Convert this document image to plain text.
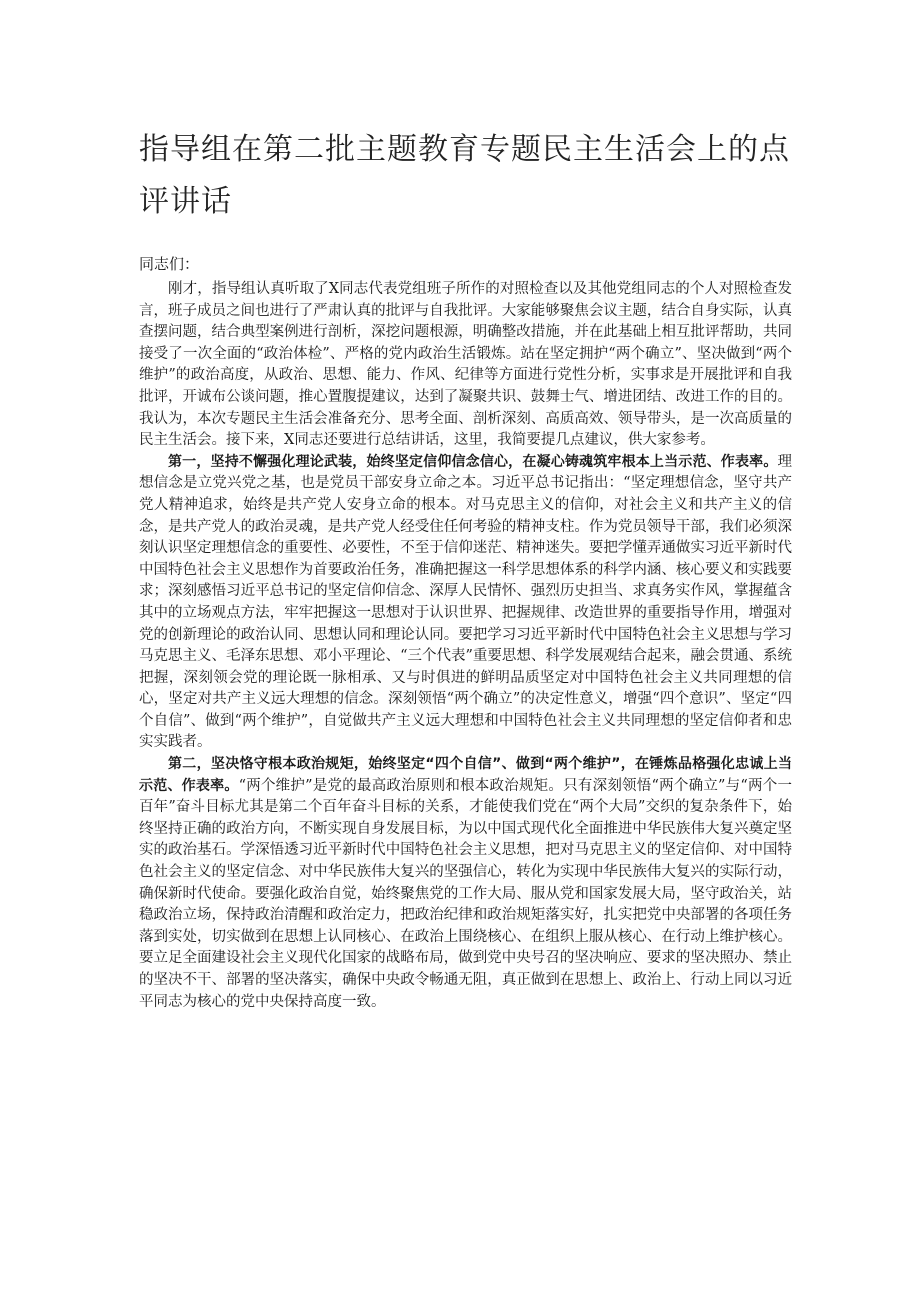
指导组在第二批主题教育专题民主生活会上的点评讲话

同志们：

刚才，指导组认真听取了X同志代表党组班子所作的对照检查以及其他党组同志的个人对照检查发言，班子成员之间也进行了严肃认真的批评与自我批评。大家能够聚焦会议主题，结合自身实际，认真查摆问题，结合典型案例进行剖析，深挖问题根源，明确整改措施，并在此基础上相互批评帮助，共同接受了一次全面的“政治体检”、严格的党内政治生活锻炼。站在坚定拥护“两个确立”、坚决做到“两个维护”的政治高度，从政治、思想、能力、作风、纪律等方面进行党性分析，实事求是开展批评和自我批评，开诚布公谈问题，推心置腹提建议，达到了凝聚共识、鼓舞士气、增进团结、改进工作的目的。我认为，本次专题民主生活会准备充分、思考全面、剖析深刻、高质高效、领导带头，是一次高质量的民主生活会。接下来，X同志还要进行总结讲话，这里，我简要提几点建议，供大家参考。

第一，坚持不懈强化理论武装，始终坚定信仰信念信心，在凝心铸魂筑牢根本上当示范、作表率。理想信念是立党兴党之基，也是党员干部安身立命之本。习近平总书记指出：“坚定理想信念，坚守共产党人精神追求，始终是共产党人安身立命的根本。对马克思主义的信仰，对社会主义和共产主义的信念，是共产党人的政治灵魂，是共产党人经受住任何考验的精神支柱。作为党员领导干部，我们必须深刻认识坚定理想信念的重要性、必要性，不至于信仰迷茫、精神迷失。要把学懂弄通做实习近平新时代中国特色社会主义思想作为首要政治任务，准确把握这一科学思想体系的科学内涵、核心要义和实践要求；深刻感悟习近平总书记的坚定信仰信念、深厚人民情怀、强烈历史担当、求真务实作风，掌握蕴含其中的立场观点方法，牢牢把握这一思想对于认识世界、把握规律、改造世界的重要指导作用，增强对党的创新理论的政治认同、思想认同和理论认同。要把学习习近平新时代中国特色社会主义思想与学习马克思主义、毛泽东思想、邓小平理论、“三个代表”重要思想、科学发展观结合起来，融会贯通、系统把握，深刻领会党的理论既一脉相承、又与时俱进的鲜明品质坚定对中国特色社会主义共同理想的信心，坚定对共产主义远大理想的信念。深刻领悟“两个确立”的决定性意义，增强“四个意识”、坚定“四个自信”、做到“两个维护”，自觉做共产主义远大理想和中国特色社会主义共同理想的坚定信仰者和忠实实践者。

第二，坚决恪守根本政治规矩，始终坚定“四个自信”、做到“两个维护”，在锤炼品格强化忠诚上当示范、作表率。“两个维护”是党的最高政治原则和根本政治规矩。只有深刻领悟“两个确立”与“两个一百年”奋斗目标尤其是第二个百年奋斗目标的关系，才能使我们党在“两个大局”交织的复杂条件下，始终坚持正确的政治方向，不断实现自身发展目标，为以中国式现代化全面推进中华民族伟大复兴奠定坚实的政治基石。学深悟透习近平新时代中国特色社会主义思想，把对马克思主义的坚定信仰、对中国特色社会主义的坚定信念、对中华民族伟大复兴的坚强信心，转化为实现中华民族伟大复兴的实际行动，确保新时代使命。要强化政治自觉，始终聚焦党的工作大局、服从党和国家发展大局，坚守政治关，站稳政治立场，保持政治清醒和政治定力，把政治纪律和政治规矩落实好，扎实把党中央部署的各项任务落到实处，切实做到在思想上认同核心、在政治上围绕核心、在组织上服从核心、在行动上维护核心。要立足全面建设社会主义现代化国家的战略布局，做到党中央号召的坚决响应、要求的坚决照办、禁止的坚决不干、部署的坚决落实，确保中央政令畅通无阻，真正做到在思想上、政治上、行动上同以习近平同志为核心的党中央保持高度一致。
